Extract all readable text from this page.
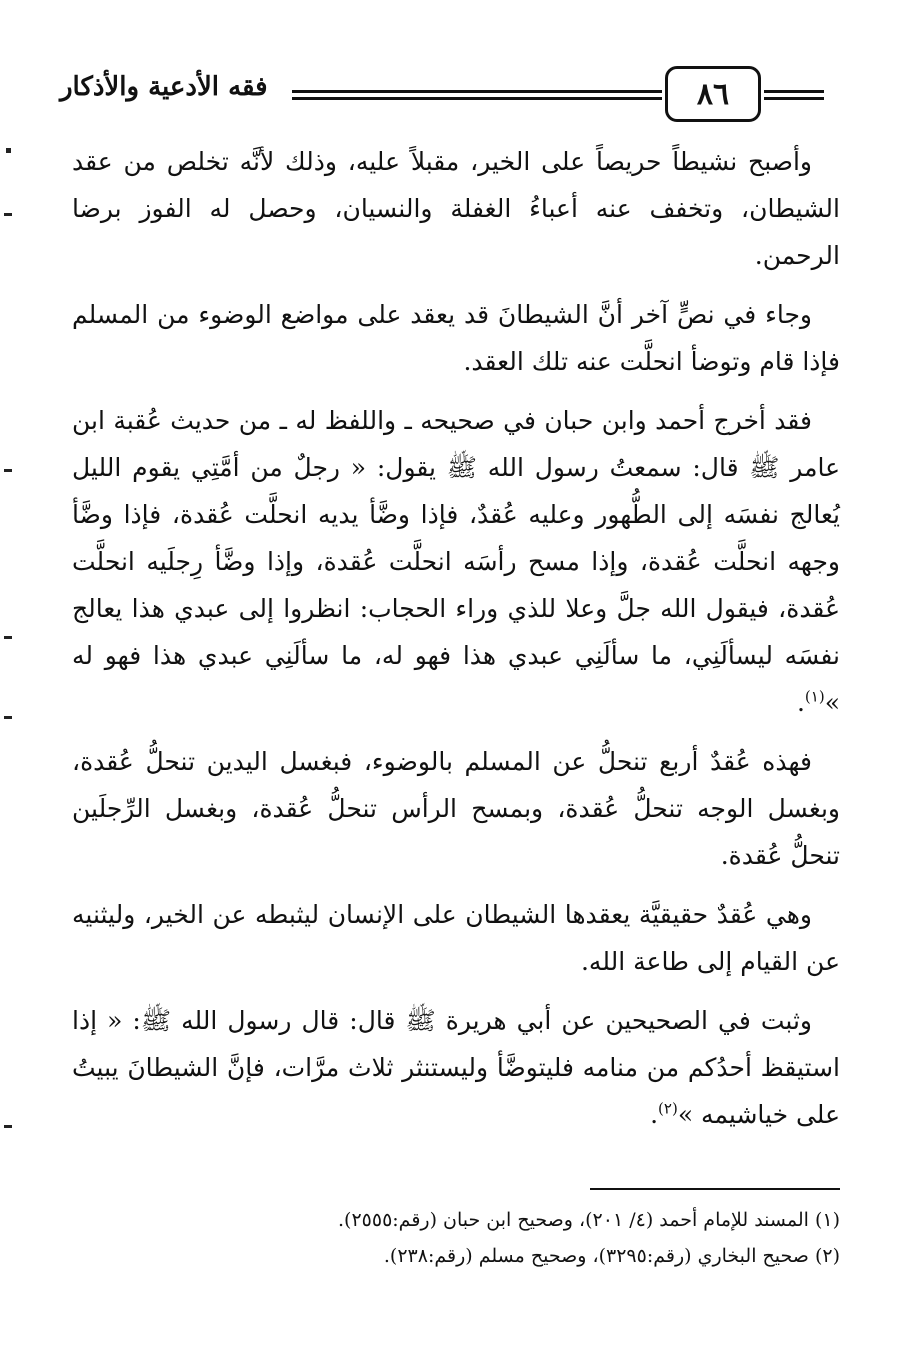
٨٦
فقه الأدعية والأذكار

وأصبح نشيطاً حريصاً على الخير، مقبلاً عليه، وذلك لأنَّه تخلص من عقد الشيطان، وتخفف عنه أعباءُ الغفلة والنسيان، وحصل له الفوز برضا الرحمن.

وجاء في نصٍّ آخر أنَّ الشيطانَ قد يعقد على مواضع الوضوء من المسلم فإذا قام وتوضأ انحلَّت عنه تلك العقد.

فقد أخرج أحمد وابن حبان في صحيحه ـ واللفظ له ـ من حديث عُقبة ابن عامر ﷺ قال: سمعتُ رسول الله ﷺ يقول: « رجلٌ من أمَّتِي يقوم الليل يُعالج نفسَه إلى الطُّهور وعليه عُقدٌ، فإذا وضَّأ يديه انحلَّت عُقدة، فإذا وضَّأ وجهه انحلَّت عُقدة، وإذا مسح رأسَه انحلَّت عُقدة، وإذا وضَّأ رِجلَيه انحلَّت عُقدة، فيقول الله جلَّ وعلا للذي وراء الحجاب: انظروا إلى عبدي هذا يعالج نفسَه ليسألَنِي، ما سألَنِي عبدي هذا فهو له، ما سألَنِي عبدي هذا فهو له »$^{(١)}$.

فهذه عُقدٌ أربع تنحلُّ عن المسلم بالوضوء، فبغسل اليدين تنحلُّ عُقدة، وبغسل الوجه تنحلُّ عُقدة، وبمسح الرأس تنحلُّ عُقدة، وبغسل الرِّجلَين تنحلُّ عُقدة.

وهي عُقدٌ حقيقيَّة يعقدها الشيطان على الإنسان ليثبطه عن الخير، وليثنيه عن القيام إلى طاعة الله.

وثبت في الصحيحين عن أبي هريرة ﷺ قال: قال رسول الله ﷺ: « إذا استيقظ أحدُكم من منامه فليتوضَّأ وليستنثر ثلاث مرَّات، فإنَّ الشيطانَ يبيتُ على خياشيمه »$^{(٢)}$.

(١) المسند للإمام أحمد (٤/ ٢٠١)، وصحيح ابن حبان (رقم:٢٥٥٥).

(٢) صحيح البخاري (رقم:٣٢٩٥)، وصحيح مسلم (رقم:٢٣٨).
